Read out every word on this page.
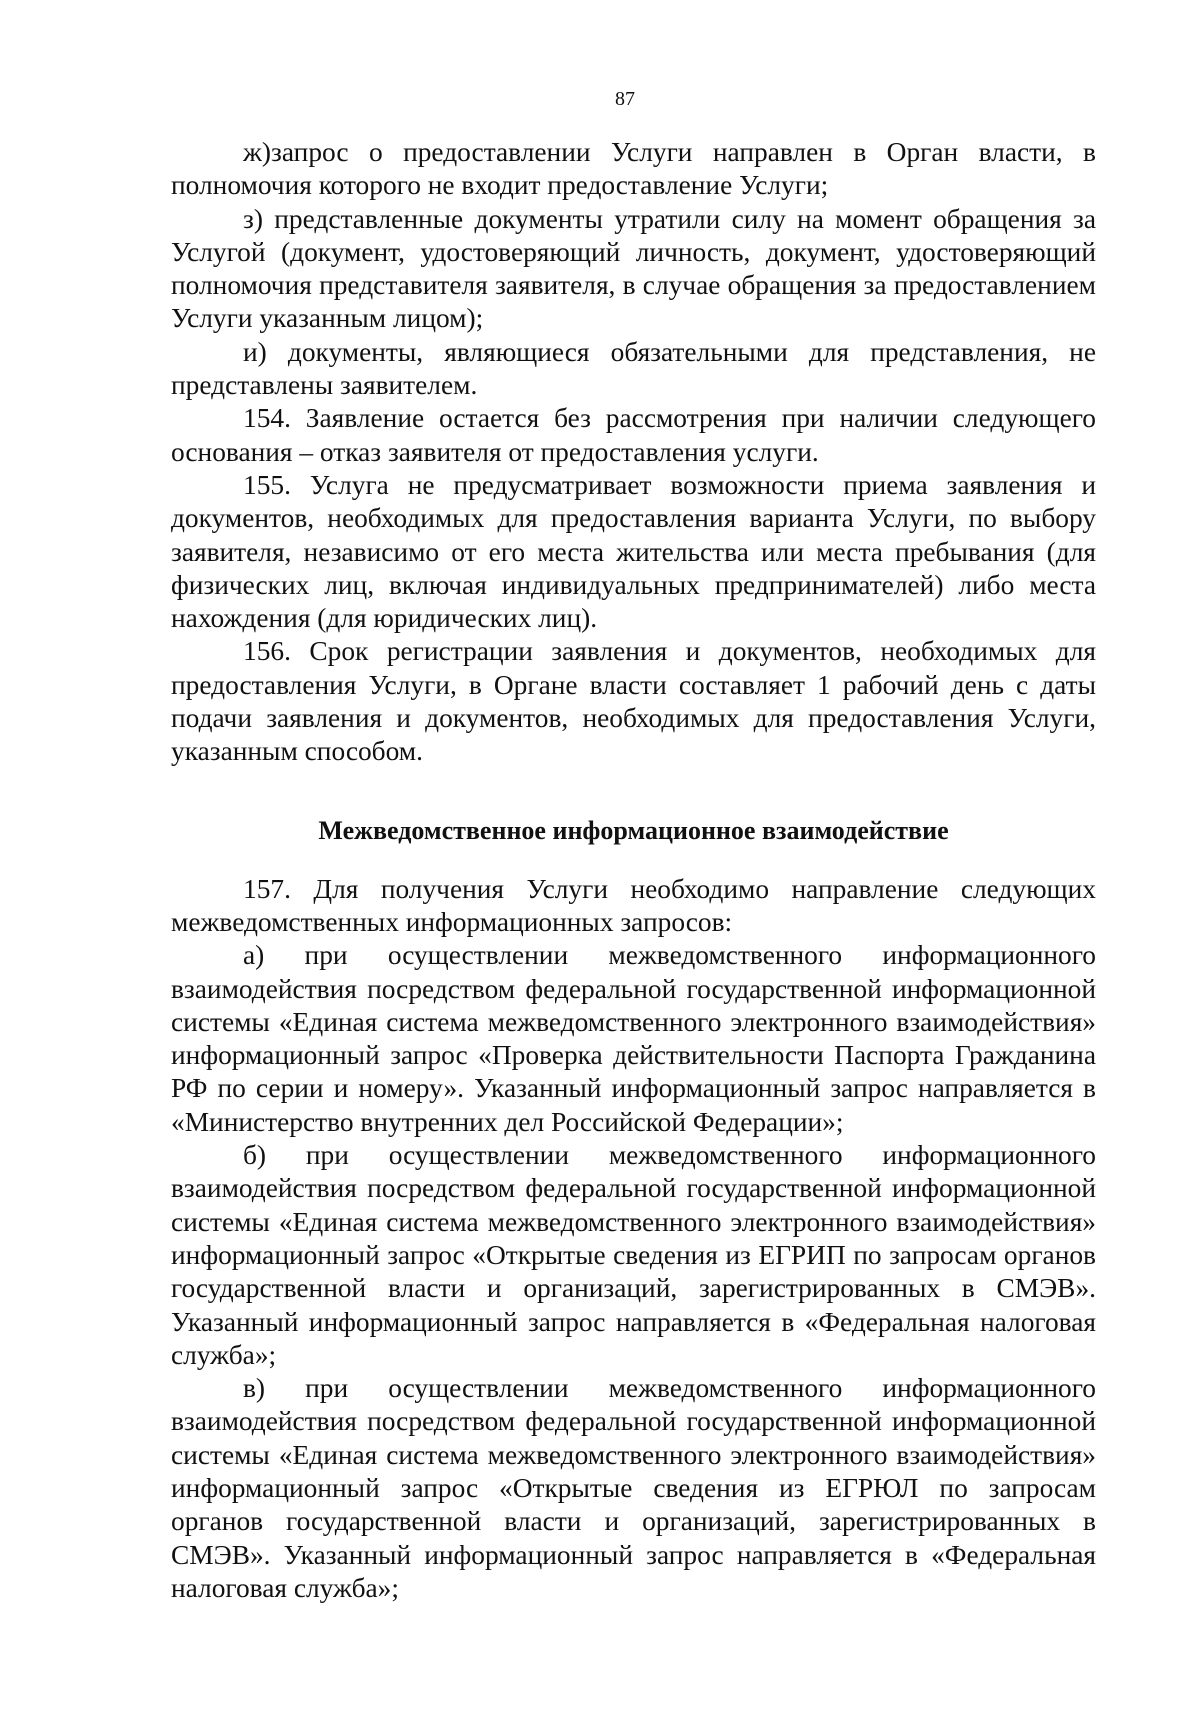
87

ж)запрос о предоставлении Услуги направлен в Орган власти, в полномочия которого не входит предоставление Услуги;

з) представленные документы утратили силу на момент обращения за Услугой (документ, удостоверяющий личность, документ, удостоверяющий полномочия представителя заявителя, в случае обращения за предоставлением Услуги указанным лицом);

и) документы, являющиеся обязательными для представления, не представлены заявителем.

154. Заявление остается без рассмотрения при наличии следующего основания – отказ заявителя от предоставления услуги.

155. Услуга не предусматривает возможности приема заявления и документов, необходимых для предоставления варианта Услуги, по выбору заявителя, независимо от его места жительства или места пребывания (для физических лиц, включая индивидуальных предпринимателей) либо места нахождения (для юридических лиц).

156. Срок регистрации заявления и документов, необходимых для предоставления Услуги, в Органе власти составляет 1 рабочий день с даты подачи заявления и документов, необходимых для предоставления Услуги, указанным способом.

Межведомственное информационное взаимодействие

157. Для получения Услуги необходимо направление следующих межведомственных информационных запросов:

а) при осуществлении межведомственного информационного взаимодействия посредством федеральной государственной информационной системы «Единая система межведомственного электронного взаимодействия» информационный запрос «Проверка действительности Паспорта Гражданина РФ по серии и номеру». Указанный информационный запрос направляется в «Министерство внутренних дел Российской Федерации»;

б) при осуществлении межведомственного информационного взаимодействия посредством федеральной государственной информационной системы «Единая система межведомственного электронного взаимодействия» информационный запрос «Открытые сведения из ЕГРИП по запросам органов государственной власти и организаций, зарегистрированных в СМЭВ». Указанный информационный запрос направляется в «Федеральная налоговая служба»;

в) при осуществлении межведомственного информационного взаимодействия посредством федеральной государственной информационной системы «Единая система межведомственного электронного взаимодействия» информационный запрос «Открытые сведения из ЕГРЮЛ по запросам органов государственной власти и организаций, зарегистрированных в СМЭВ». Указанный информационный запрос направляется в «Федеральная налоговая служба»;
